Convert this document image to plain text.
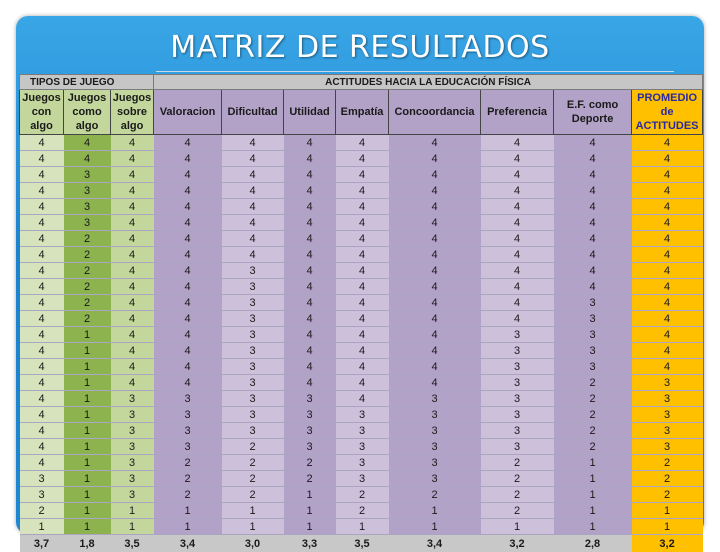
MATRIZ DE RESULTADOS
TIPOS DE JUEGO			ACTITUDES HACIA LA EDUCACIÓN FÍSICA							
Juegos con algo	Juegos como algo	Juegos sobre algo	Valoracion	Dificultad	Utilidad	Empatía	Concoordancia	Preferencia	E.F. como Deporte	PROMEDIO de ACTITUDES
4	4	4	4	4	4	4	4	4	4	4
4	4	4	4	4	4	4	4	4	4	4
4	3	4	4	4	4	4	4	4	4	4
4	3	4	4	4	4	4	4	4	4	4
4	3	4	4	4	4	4	4	4	4	4
4	3	4	4	4	4	4	4	4	4	4
4	2	4	4	4	4	4	4	4	4	4
4	2	4	4	4	4	4	4	4	4	4
4	2	4	4	3	4	4	4	4	4	4
4	2	4	4	3	4	4	4	4	4	4
4	2	4	4	3	4	4	4	4	3	4
4	2	4	4	3	4	4	4	4	3	4
4	1	4	4	3	4	4	4	3	3	4
4	1	4	4	3	4	4	4	3	3	4
4	1	4	4	3	4	4	4	3	3	4
4	1	4	4	3	4	4	4	3	2	3
4	1	3	3	3	3	4	3	3	2	3
4	1	3	3	3	3	3	3	3	2	3
4	1	3	3	3	3	3	3	3	2	3
4	1	3	3	2	3	3	3	3	2	3
4	1	3	2	2	2	3	3	2	1	2
3	1	3	2	2	2	3	3	2	1	2
3	1	3	2	2	1	2	2	2	1	2
2	1	1	1	1	1	2	1	2	1	1
1	1	1	1	1	1	1	1	1	1	1
3,7	1,8	3,5	3,4	3,0	3,3	3,5	3,4	3,2	2,8	3,2
